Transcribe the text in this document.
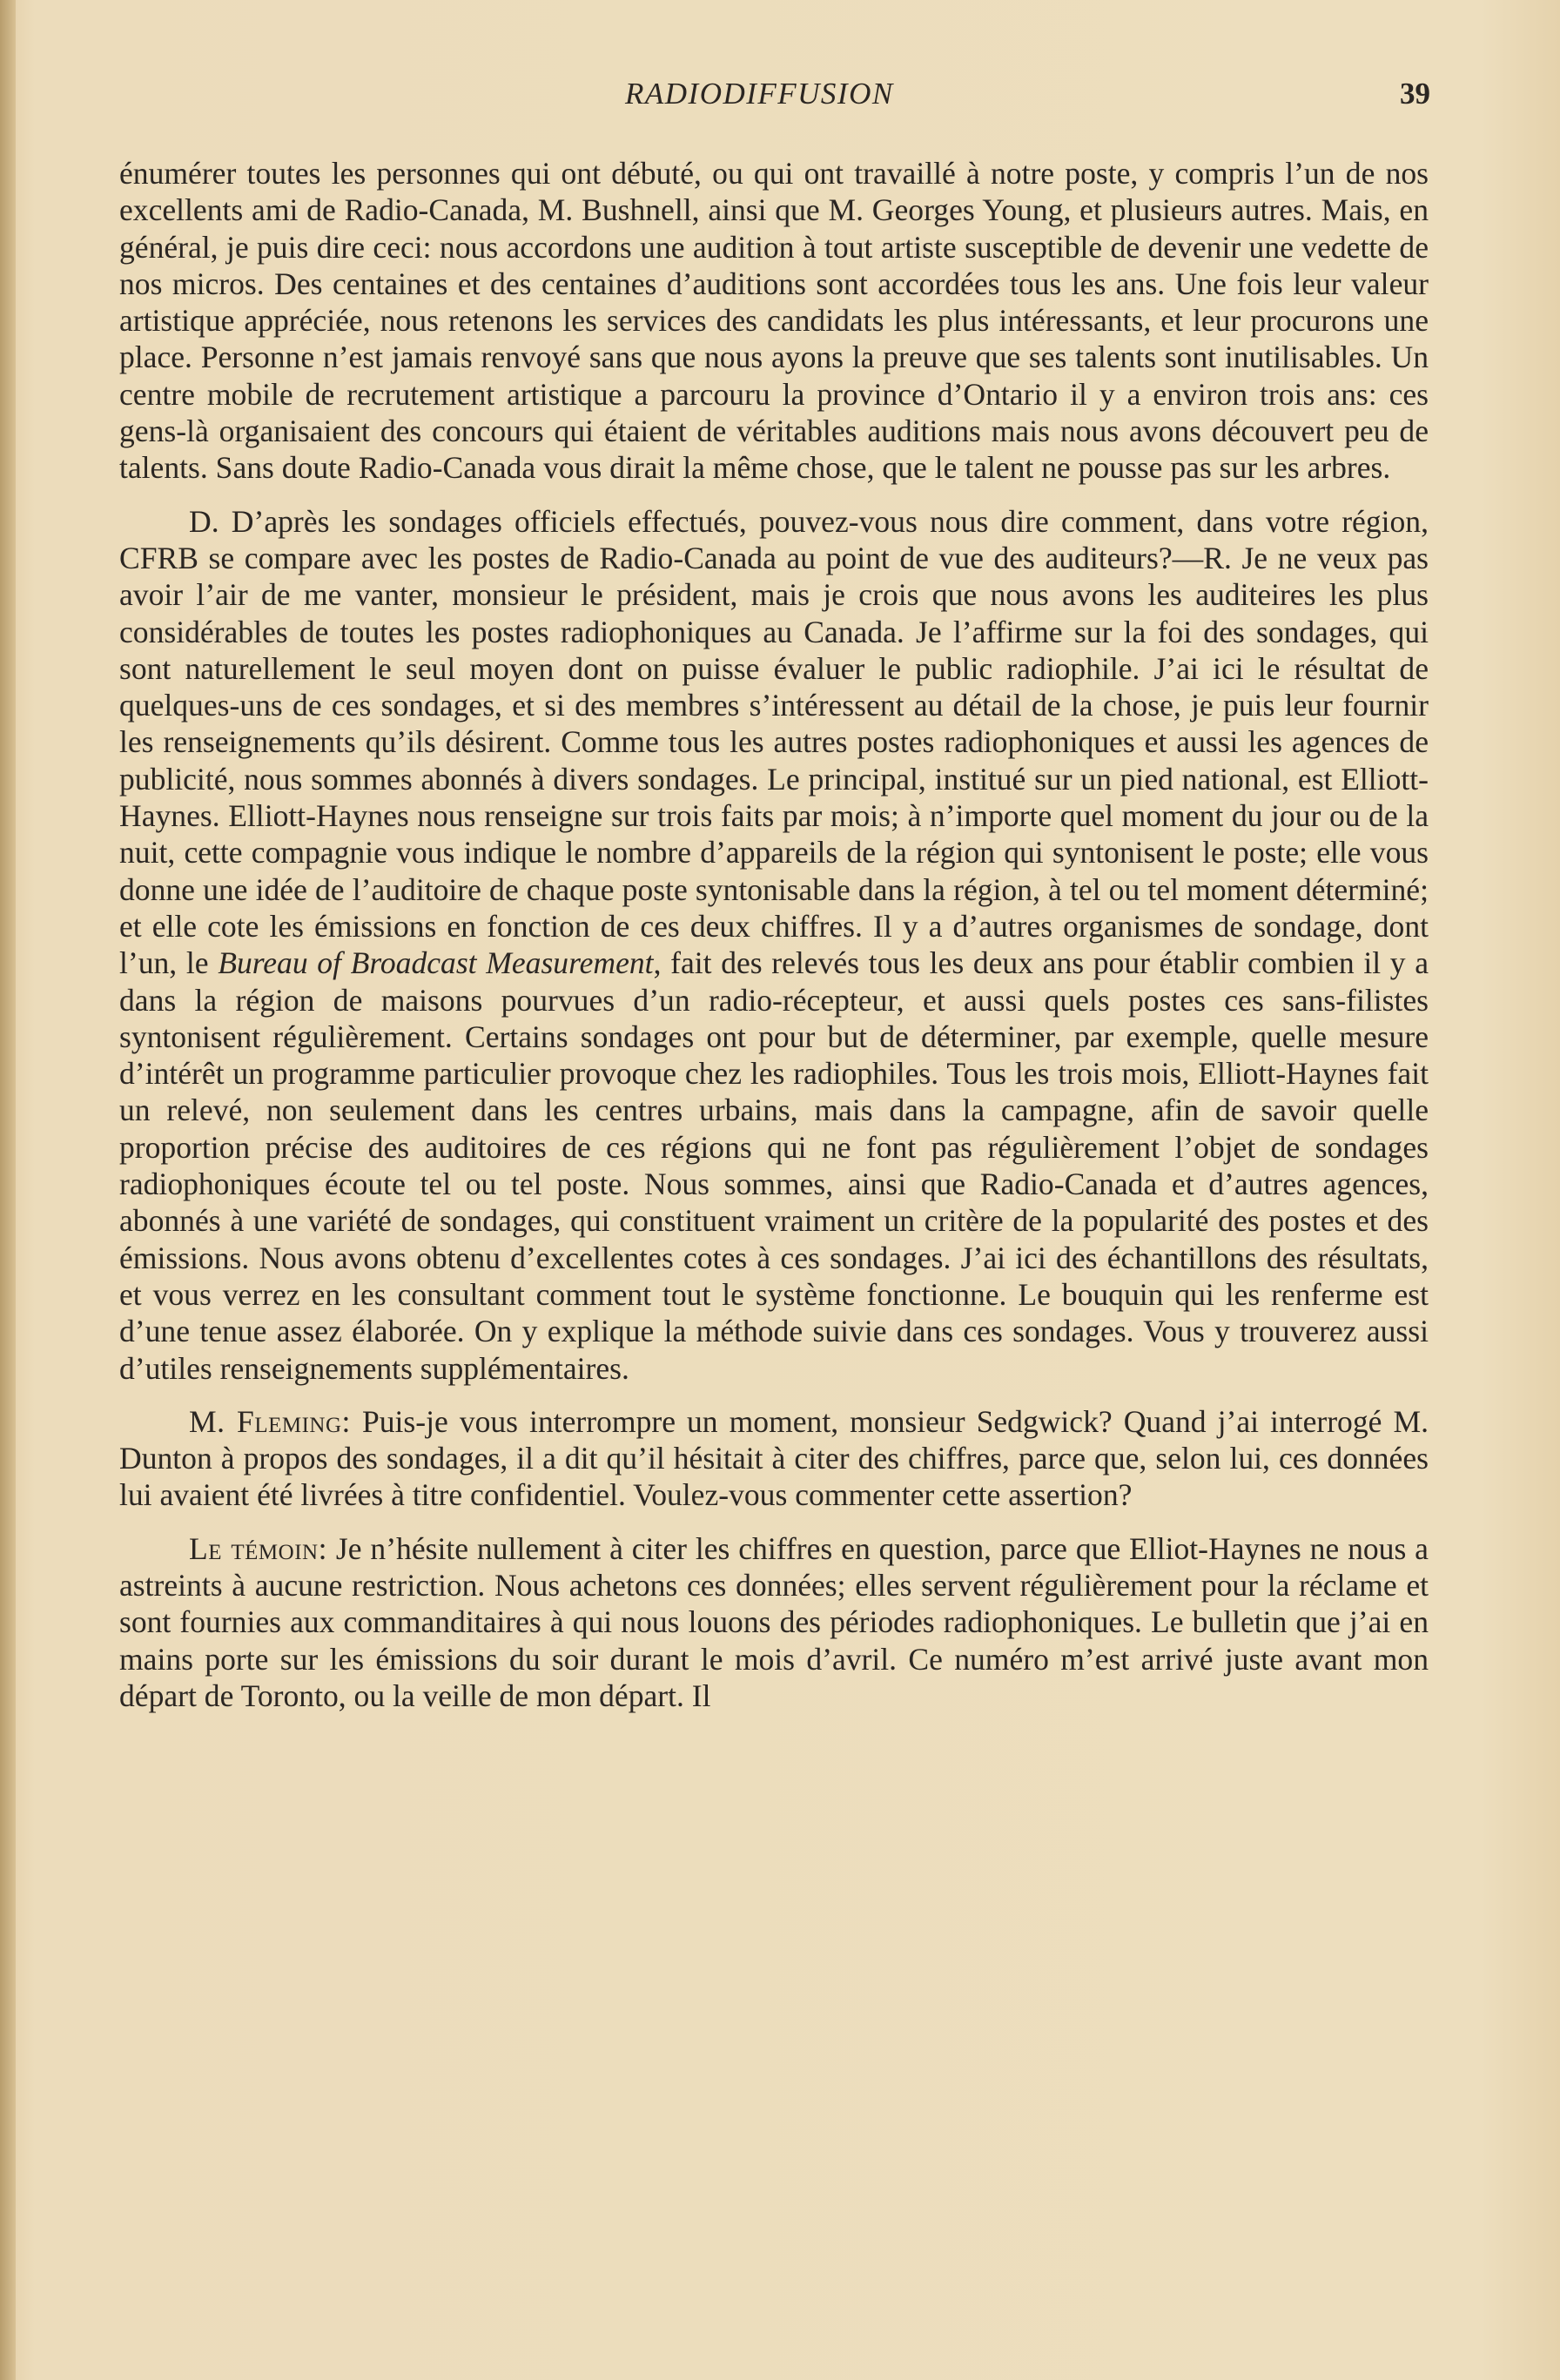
RADIODIFFUSION	39

énumérer toutes les personnes qui ont débuté, ou qui ont travaillé à notre poste, y compris l’un de nos excellents ami de Radio-Canada, M. Bushnell, ainsi que M. Georges Young, et plusieurs autres. Mais, en général, je puis dire ceci: nous accordons une audition à tout artiste susceptible de devenir une vedette de nos micros. Des centaines et des centaines d’auditions sont accordées tous les ans. Une fois leur valeur artistique appréciée, nous retenons les services des candidats les plus intéressants, et leur procurons une place. Personne n’est jamais renvoyé sans que nous ayons la preuve que ses talents sont inutilisables. Un centre mobile de recrutement artistique a parcouru la province d’Ontario il y a environ trois ans: ces gens-là organisaient des concours qui étaient de véritables auditions mais nous avons découvert peu de talents. Sans doute Radio-Canada vous dirait la même chose, que le talent ne pousse pas sur les arbres.

D. D’après les sondages officiels effectués, pouvez-vous nous dire comment, dans votre région, CFRB se compare avec les postes de Radio-Canada au point de vue des auditeurs?—R. Je ne veux pas avoir l’air de me vanter, monsieur le président, mais je crois que nous avons les auditeires les plus considérables de toutes les postes radiophoniques au Canada. Je l’affirme sur la foi des sondages, qui sont naturellement le seul moyen dont on puisse évaluer le public radiophile. J’ai ici le résultat de quelques-uns de ces sondages, et si des membres s’intéressent au détail de la chose, je puis leur fournir les renseignements qu’ils désirent. Comme tous les autres postes radiophoniques et aussi les agences de publicité, nous sommes abonnés à divers sondages. Le principal, institué sur un pied national, est Elliott-Haynes. Elliott-Haynes nous renseigne sur trois faits par mois; à n’importe quel moment du jour ou de la nuit, cette compagnie vous indique le nombre d’appareils de la région qui syntonisent le poste; elle vous donne une idée de l’auditoire de chaque poste syntonisable dans la région, à tel ou tel moment déterminé; et elle cote les émissions en fonction de ces deux chiffres. Il y a d’autres organismes de sondage, dont l’un, le Bureau of Broadcast Measurement, fait des relevés tous les deux ans pour établir combien il y a dans la région de maisons pourvues d’un radio-récepteur, et aussi quels postes ces sans-filistes syntonisent régulièrement. Certains sondages ont pour but de déterminer, par exemple, quelle mesure d’intérêt un programme particulier provoque chez les radiophiles. Tous les trois mois, Elliott-Haynes fait un relevé, non seulement dans les centres urbains, mais dans la campagne, afin de savoir quelle proportion précise des auditoires de ces régions qui ne font pas régulièrement l’objet de sondages radiophoniques écoute tel ou tel poste. Nous sommes, ainsi que Radio-Canada et d’autres agences, abonnés à une variété de sondages, qui constituent vraiment un critère de la popularité des postes et des émissions. Nous avons obtenu d’excellentes cotes à ces sondages. J’ai ici des échantillons des résultats, et vous verrez en les consultant comment tout le système fonctionne. Le bouquin qui les renferme est d’une tenue assez élaborée. On y explique la méthode suivie dans ces sondages. Vous y trouverez aussi d’utiles renseignements supplémentaires.

M. Fleming: Puis-je vous interrompre un moment, monsieur Sedgwick? Quand j’ai interrogé M. Dunton à propos des sondages, il a dit qu’il hésitait à citer des chiffres, parce que, selon lui, ces données lui avaient été livrées à titre confidentiel. Voulez-vous commenter cette assertion?

Le témoin: Je n’hésite nullement à citer les chiffres en question, parce que Elliot-Haynes ne nous a astreints à aucune restriction. Nous achetons ces données; elles servent régulièrement pour la réclame et sont fournies aux commanditaires à qui nous louons des périodes radiophoniques. Le bulletin que j’ai en mains porte sur les émissions du soir durant le mois d’avril. Ce numéro m’est arrivé juste avant mon départ de Toronto, ou la veille de mon départ. Il
